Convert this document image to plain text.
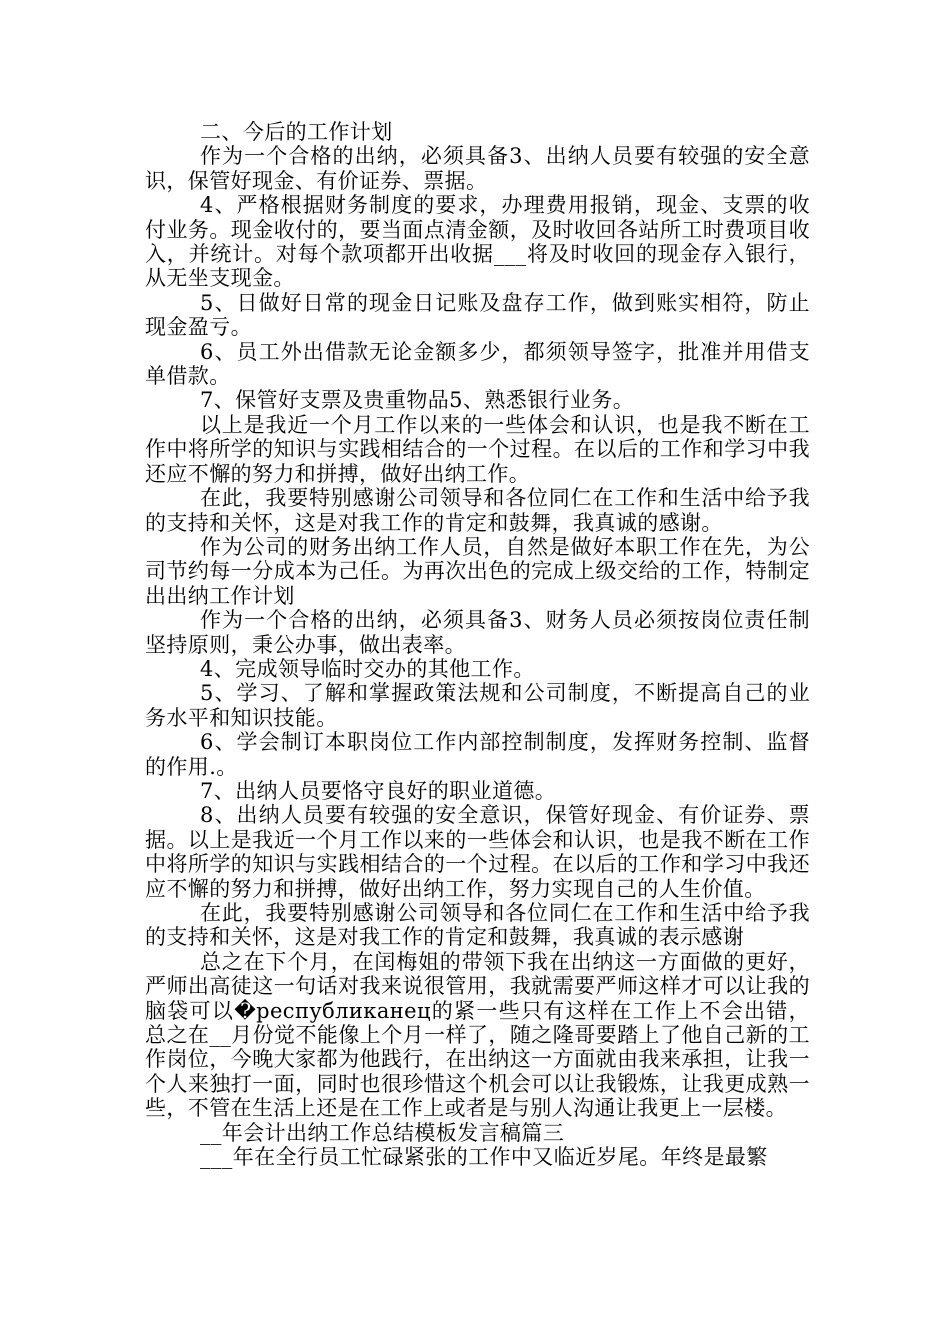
二、今后的工作计划

作为一个合格的出纳，必须具备3、出纳人员要有较强的安全意识，保管好现金、有价证券、票据。

4、严格根据财务制度的要求，办理费用报销，现金、支票的收付业务。现金收付的，要当面点清金额，及时收回各站所工时费项目收入，并统计。对每个款项都开出收据___将及时收回的现金存入银行，从无坐支现金。

5、日做好日常的现金日记账及盘存工作，做到账实相符，防止现金盈亏。

6、员工外出借款无论金额多少，都须领导签字，批准并用借支单借款。

7、保管好支票及贵重物品5、熟悉银行业务。

以上是我近一个月工作以来的一些体会和认识，也是我不断在工作中将所学的知识与实践相结合的一个过程。在以后的工作和学习中我还应不懈的努力和拼搏，做好出纳工作。

在此，我要特别感谢公司领导和各位同仁在工作和生活中给予我的支持和关怀，这是对我工作的肯定和鼓舞，我真诚的感谢。

作为公司的财务出纳工作人员，自然是做好本职工作在先，为公司节约每一分成本为己任。为再次出色的完成上级交给的工作，特制定出出纳工作计划

作为一个合格的出纳，必须具备3、财务人员必须按岗位责任制坚持原则，秉公办事，做出表率。

4、完成领导临时交办的其他工作。

5、学习、了解和掌握政策法规和公司制度，不断提高自己的业务水平和知识技能。

6、学会制订本职岗位工作内部控制制度，发挥财务控制、监督的作用.。

7、出纳人员要恪守良好的职业道德。

8、出纳人员要有较强的安全意识，保管好现金、有价证券、票据。以上是我近一个月工作以来的一些体会和认识，也是我不断在工作中将所学的知识与实践相结合的一个过程。在以后的工作和学习中我还应不懈的努力和拼搏，做好出纳工作，努力实现自己的人生价值。

在此，我要特别感谢公司领导和各位同仁在工作和生活中给予我的支持和关怀，这是对我工作的肯定和鼓舞，我真诚的表示感谢

总之在下个月，在闰梅姐的带领下我在出纳这一方面做的更好，严师出高徒这一句话对我来说很管用，我就需要严师这样才可以让我的脑袋可以�республиканец的紧一些只有这样在工作上不会出错，总之在__月份觉不能像上个月一样了，随之隆哥要踏上了他自己新的工作岗位，今晚大家都为他践行，在出纳这一方面就由我来承担，让我一个人来独打一面，同时也很珍惜这个机会可以让我锻炼，让我更成熟一些，不管在生活上还是在工作上或者是与别人沟通让我更上一层楼。

__年会计出纳工作总结模板发言稿篇三

___年在全行员工忙碌紧张的工作中又临近岁尾。年终是最繁
